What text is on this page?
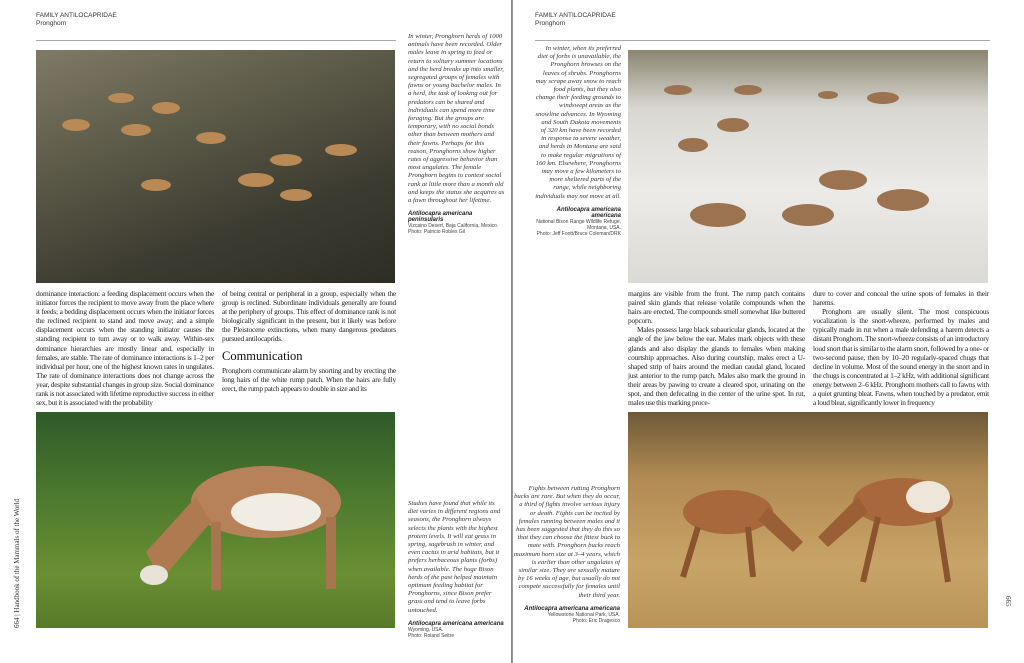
FAMILY ANTILOCAPRIDAE
Pronghorn
In winter, Pronghorn herds of 1000 animals have been recorded. Older males leave in spring to feed or return to solitary summer locations and the herd breaks up into smaller, segregated groups of females with fawns or young bachelor males. In a herd, the task of looking out for predators can be shared and individuals can spend more time foraging. But the groups are temporary, with no social bonds other than between mothers and their fawns. Perhaps for this reason, Pronghorns show higher rates of aggressive behavior than most ungulates. The female Pronghorn begins to contest social rank at little more than a month old and keeps the status she acquires as a fawn throughout her lifetime.
Antilocapra americana peninsularis
Vizcaino Desert, Baja California, Mexico.
Photo: Patricio Robles Gil

dominance interaction: a feeding displacement occurs when the initiator forces the recipient to move away from the place where it feeds; a bedding displacement occurs when the initiator forces the reclined recipient to stand and move away; and a simple displacement occurs when the standing initiator causes the standing recipient to turn away or to walk away. Within-sex dominance hierarchies are mostly linear and, especially in females, are stable. The rate of dominance interactions is 1–2 per individual per hour, one of the highest known rates in ungulates. The rate of dominance interactions does not change across the year, despite substantial changes in group size. Social dominance rank is not associated with lifetime reproductive success in either sex, but it is associated with the probability

of being central or peripheral in a group, especially when the group is reclined. Subordinate individuals generally are found at the periphery of groups. This effect of dominance rank is not biologically significant in the present, but it likely was before the Pleistocene extinctions, when many dangerous predators pursued antilocaprids.

Communication

Pronghorn communicate alarm by snorting and by erecting the long hairs of the white rump patch. When the hairs are fully erect, the rump patch appears to double in size and its

Studies have found that while its diet varies in different regions and seasons, the Pronghorn always selects the plants with the highest protein levels. It will eat grass in spring, sagebrush in winter, and even cactus in arid habitats, but it prefers herbaceous plants (forbs) when available. The huge Bison herds of the past helped maintain optimum feeding habitat for Pronghorns, since Bison prefer grass and tend to leave forbs untouched.
Antilocapra americana americana
Wyoming, USA.
Photo: Roland Seitre
664 | Handbook of the Mammals of the World
FAMILY ANTILOCAPRIDAE
Pronghorn
In winter, when its preferred diet of forbs is unavailable, the Pronghorn browses on the leaves of shrubs. Pronghorns may scrape away snow to reach food plants, but they also change their feeding grounds to windswept areas as the snowline advances. In Wyoming and South Dakota movements of 320 km have been recorded in response to severe weather, and herds in Montana are said to make regular migrations of 160 km. Elsewhere, Pronghorns may move a few kilometers to more sheltered parts of the range, while neighboring individuals may not move at all.
Antilocapra americana americana
National Bison Range Wildlife Refuge, Montana, USA.
Photo: Jeff Foott/Bruce Coleman/DRK

margins are visible from the front. The rump patch contains paired skin glands that release volatile compounds when the hairs are erected. The compounds smell somewhat like buttered popcorn.

Males possess large black subauricular glands, located at the angle of the jaw below the ear. Males mark objects with these glands and also display the glands to females when making courtship approaches. Also during courtship, males erect a U-shaped strip of hairs around the median caudal gland, located just anterior to the rump patch. Males also mark the ground in their areas by pawing to create a cleared spot, urinating on the spot, and then defecating in the center of the urine spot. In rut, males use this marking proce-

dure to cover and conceal the urine spots of females in their harems.

Pronghorn are usually silent. The most conspicuous vocalization is the snort-wheeze, performed by males and typically made in rut when a male defending a harem detects a distant Pronghorn. The snort-wheeze consists of an introductory loud snort that is similar to the alarm snort, followed by a one- or two-second pause, then by 10–20 regularly-spaced chugs that decline in volume. Most of the sound energy in the snort and in the chugs is concentrated at 1–2 kHz, with additional significant energy between 2–6 kHz. Pronghorn mothers call to fawns with a quiet grunting bleat. Fawns, when touched by a predator, emit a loud bleat, significantly lower in frequency

Fights between rutting Pronghorn bucks are rare. But when they do occur, a third of fights involve serious injury or death. Fights can be incited by females running between males and it has been suggested that they do this so that they can choose the fittest buck to mate with. Pronghorn bucks reach maximum horn size at 3–4 years, which is earlier than other ungulates of similar size. They are sexually mature by 16 weeks of age, but usually do not compete successfully for females until their third year.
Antilocapra americana americana
Yellowstone National Park, USA.
Photo: Eric Dragesco
665
